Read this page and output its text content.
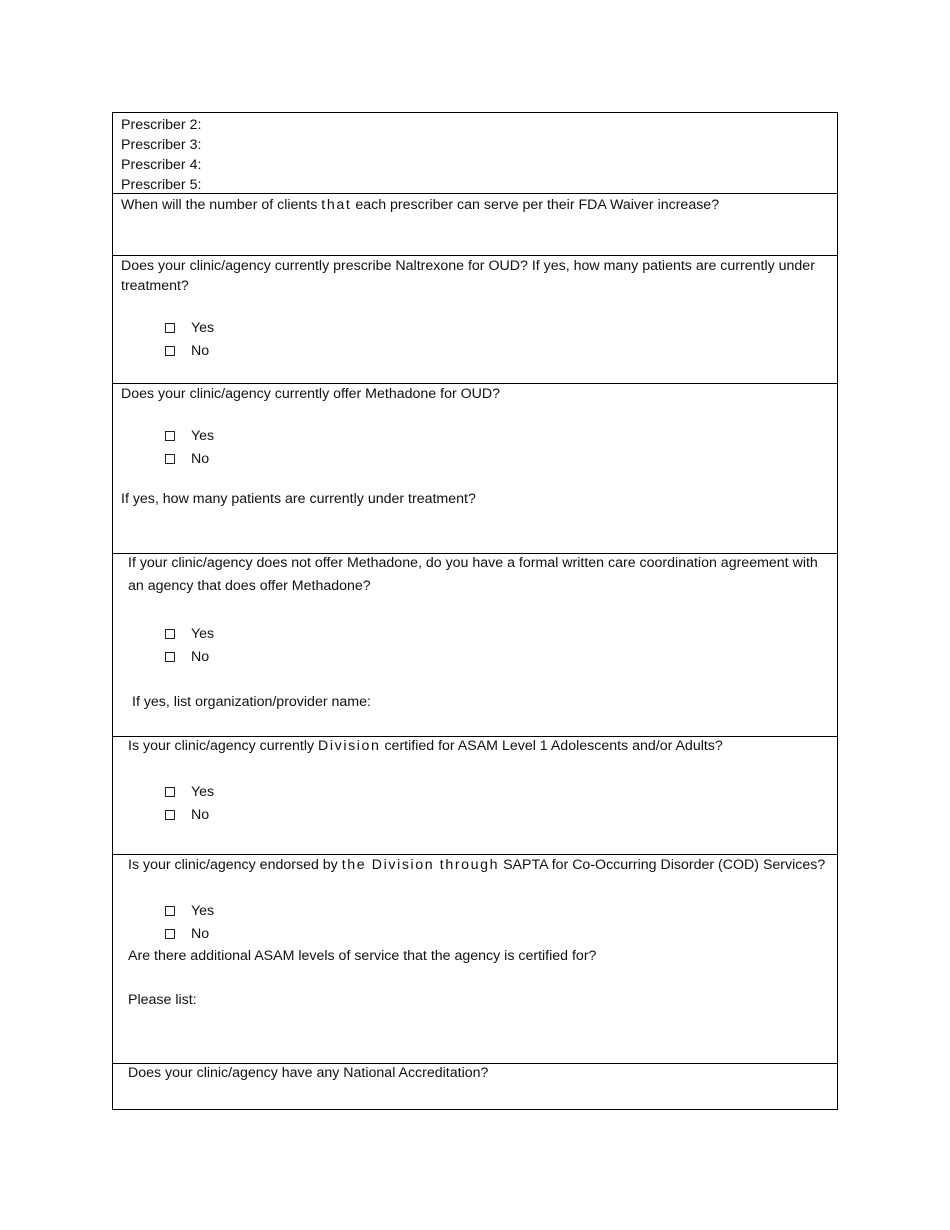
Prescriber 2:
Prescriber 3:
Prescriber 4:
Prescriber 5:
When will the number of clients that each prescriber can serve per their FDA Waiver increase?
Does your clinic/agency currently prescribe Naltrexone for OUD? If yes, how many patients are currently under treatment?
Yes
No
Does your clinic/agency currently offer Methadone for OUD?
Yes
No
If yes, how many patients are currently under treatment?
If your clinic/agency does not offer Methadone, do you have a formal written care coordination agreement with an agency that does offer Methadone?
Yes
No
If yes, list organization/provider name:
Is your clinic/agency currently Division certified for ASAM Level 1 Adolescents and/or Adults?
Yes
No
Is your clinic/agency endorsed by the Division through SAPTA for Co-Occurring Disorder (COD) Services?
Yes
No
Are there additional ASAM levels of service that the agency is certified for?
Please list:
Does your clinic/agency have any National Accreditation?
